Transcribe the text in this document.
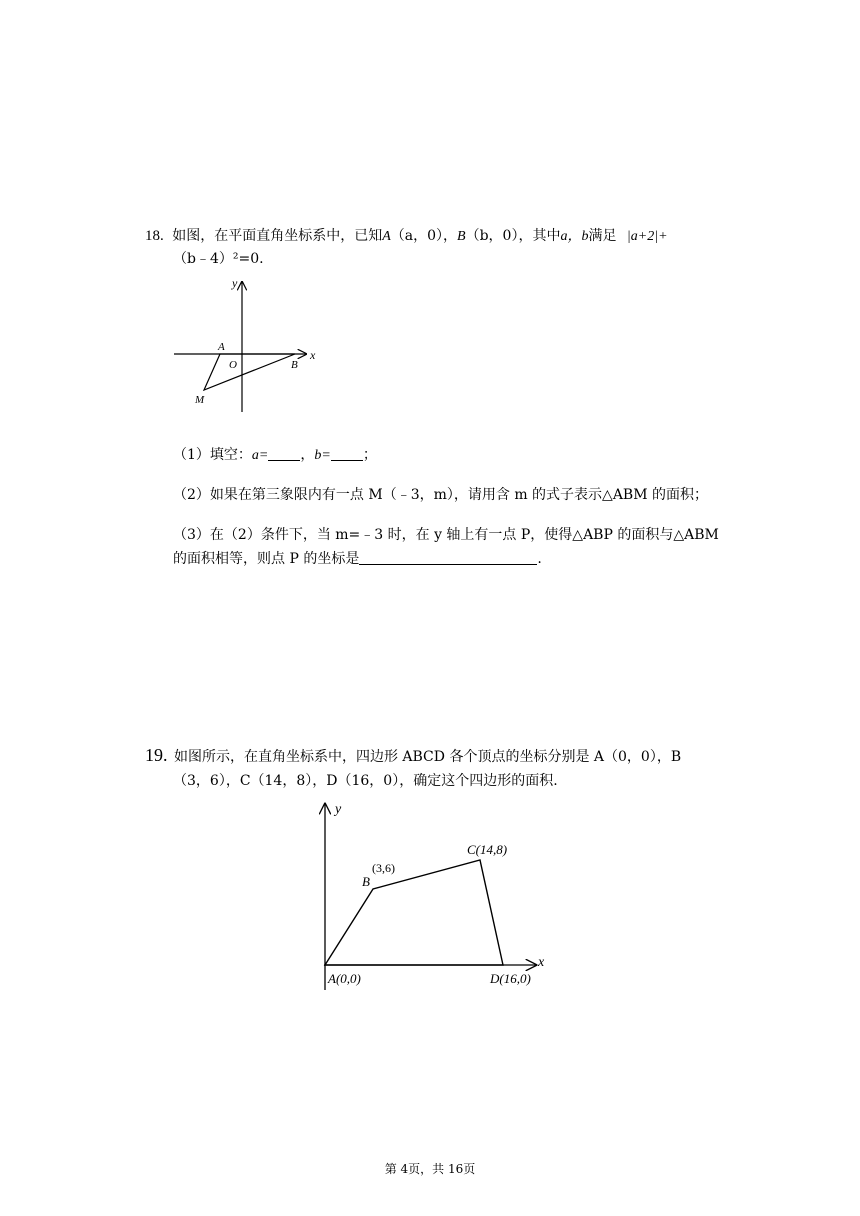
18. 如图，在平面直角坐标系中，已知A（a，0），B（b，0），其中a，b满足 |a+2|+
（b﹣4）²=0.
x
y
A
O	B
M
（1）填空：a= ，b= ；
（2）如果在第三象限内有一点 M（﹣3，m），请用含 m 的式子表示△ABM 的面积；
（3）在（2）条件下，当 m=﹣3 时，在 y 轴上有一点 P，使得△ABP 的面积与△ABM
的面积相等，则点 P 的坐标是	.
19. 如图所示，在直角坐标系中，四边形 ABCD 各个顶点的坐标分别是 A（0，0），B
（3，6），C（14，8），D（16，0），确定这个四边形的面积.
x
y
A(0,0)
B
(3,6)
C(14,8)
D(16,0)
第 4页，共 16页
